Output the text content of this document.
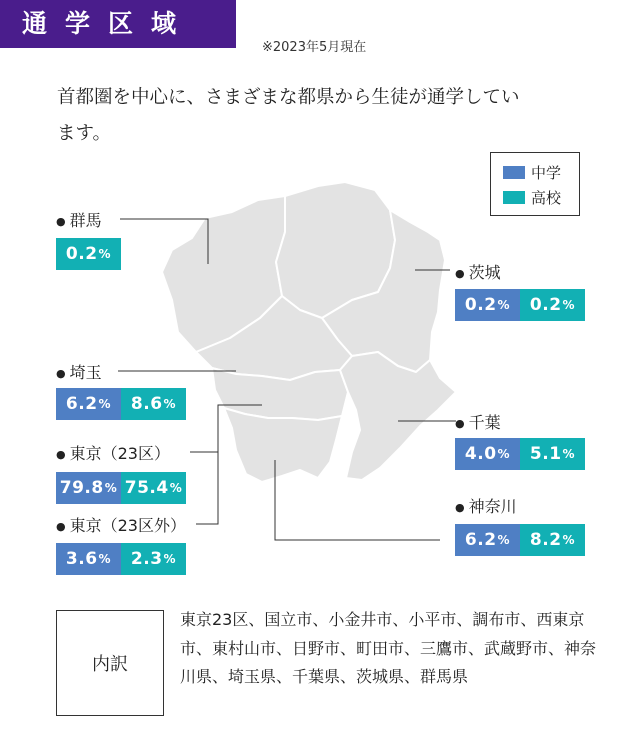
通学区域
※2023年5月現在
首都圏を中心に、さまざまな都県から生徒が通学しています。
中学
高校
● 群馬
0.2 %
● 茨城
0.2 % 0.2 %
● 埼玉
6.2 % 8.6 %
● 千葉
4.0 % 5.1 %
● 東京（23区）
79.8 % 75.4 %
● 神奈川
6.2 % 8.2 %
● 東京（23区外）
3.6 % 2.3 %
内訳
東京23区、国立市、小金井市、小平市、調布市、西東京市、東村山市、日野市、町田市、三鷹市、武蔵野市、神奈川県、埼玉県、千葉県、茨城県、群馬県
